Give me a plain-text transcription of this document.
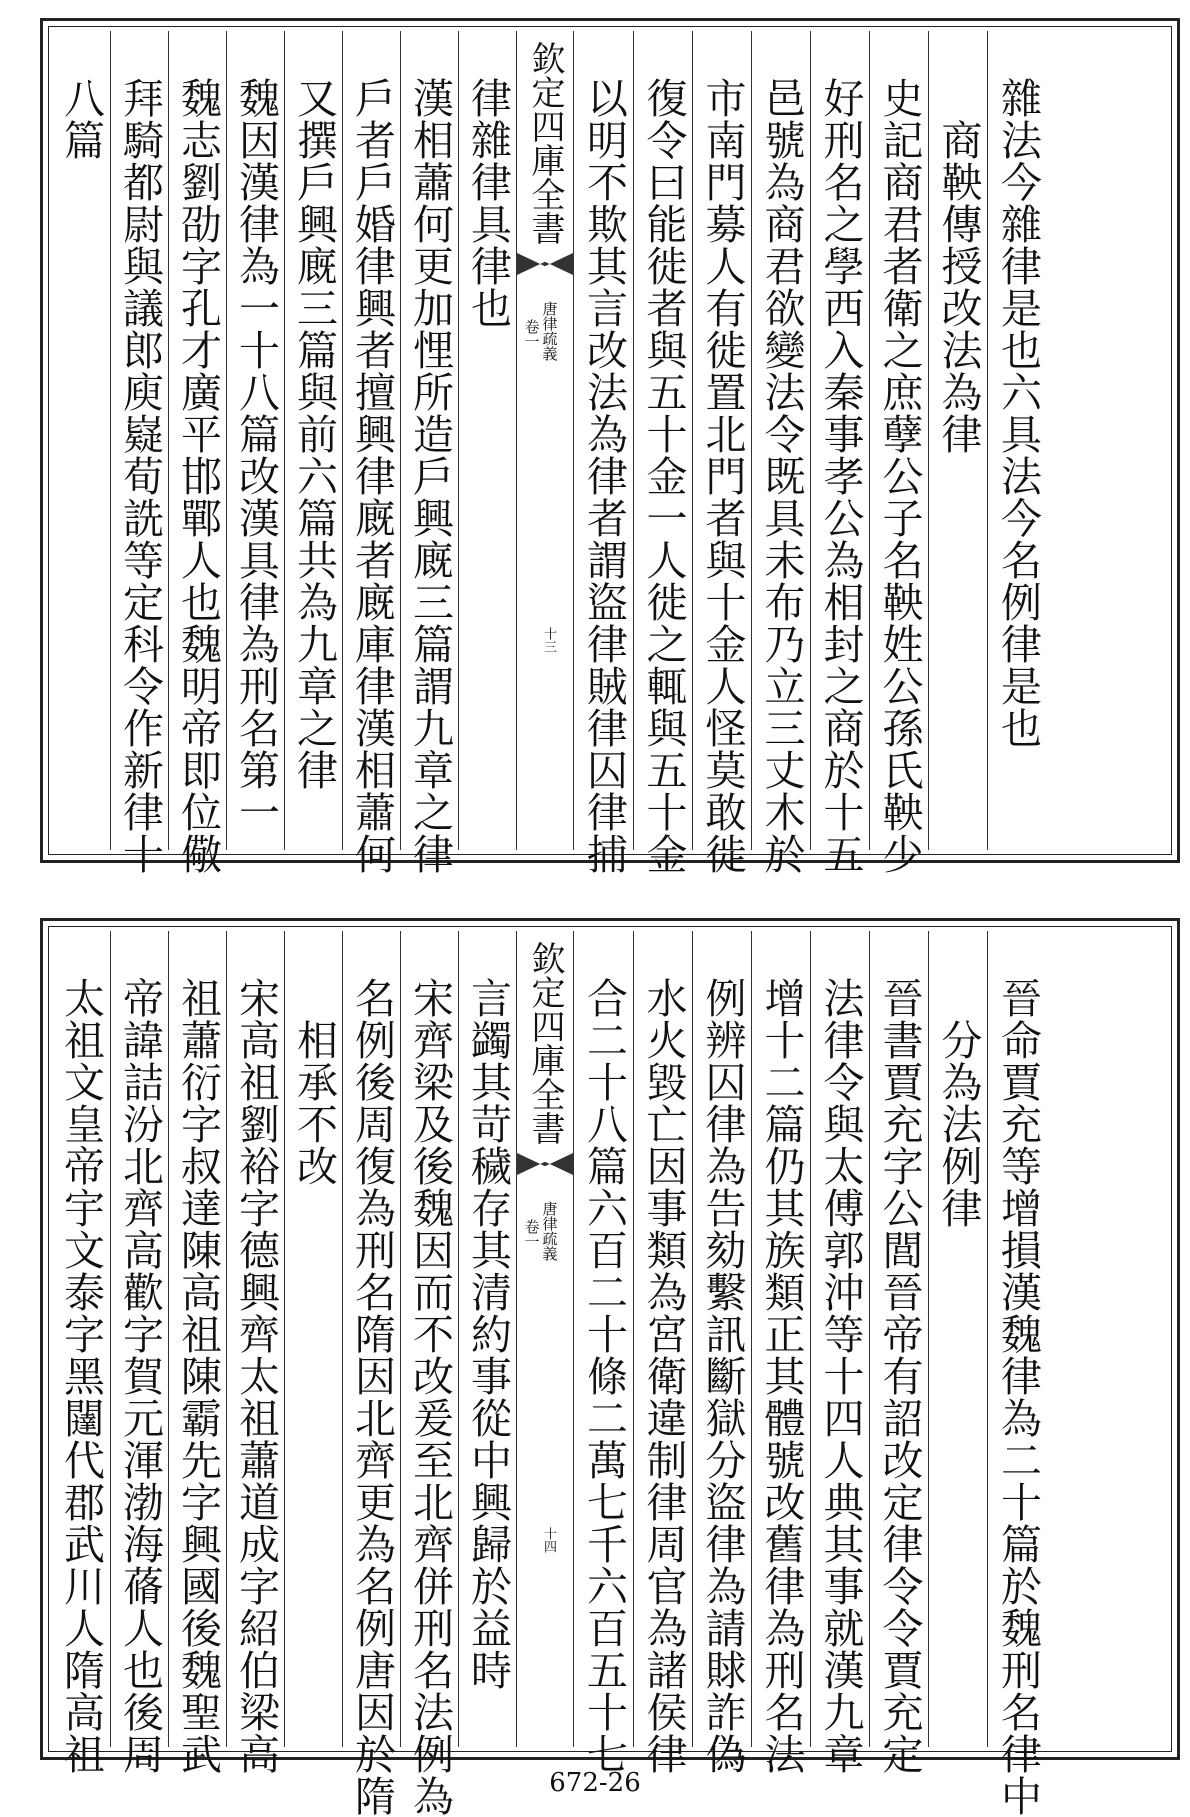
八篇 拜騎都尉與議郎庾嶷荀詵等定科令作新律十 魏志劉劭字孔才廣平邯鄲人也魏明帝即位儆 魏因漢律為一十八篇改漢具律為刑名第一 又撰戶興廐三篇與前六篇共為九章之律 戶者戶婚律興者擅興律廐者廐庫律漢相蕭何 漢相蕭何更加悝所造戶興廐三篇謂九章之律 律雜律具律也 欽定四庫全書
唐律疏義
卷一
十三 以明不欺其言改法為律者謂盜律賊律囚律捕 復令曰能徙者與五十金一人徙之輒與五十金 市南門募人有徙置北門者與十金人怪莫敢徙 邑號為商君欲變法令既具未布乃立三丈木於 好刑名之學西入秦事孝公為相封之商於十五 史記商君者衛之庶孽公子名鞅姓公孫氏鞅少 商鞅傳授改法為律 雜法今雜律是也六具法今名例律是也
太祖文皇帝宇文泰字黑闥代郡武川人隋高祖 帝諱詰汾北齊高歡字賀元渾渤海蓨人也後周 祖蕭衍字叔達陳高祖陳霸先字興國後魏聖武 宋高祖劉裕字德興齊太祖蕭道成字紹伯梁高 相承不改 名例後周復為刑名隋因北齊更為名例唐因於隋 宋齊梁及後魏因而不改爰至北齊併刑名法例為 言蠲其苛穢存其清約事從中興歸於益時 欽定四庫全書
唐律疏義
卷一
十四 合二十八篇六百二十條二萬七千六百五十七 水火毀亡因事類為宮衛違制律周官為諸侯律 例辨囚律為告劾繫訊斷獄分盜律為請賕詐偽 增十二篇仍其族類正其體號改舊律為刑名法 法律令與太傅郭沖等十四人典其事就漢九章 晉書賈充字公閭晉帝有詔改定律令令賈充定 分為法例律 晉命賈充等增損漢魏律為二十篇於魏刑名律中
672-26
